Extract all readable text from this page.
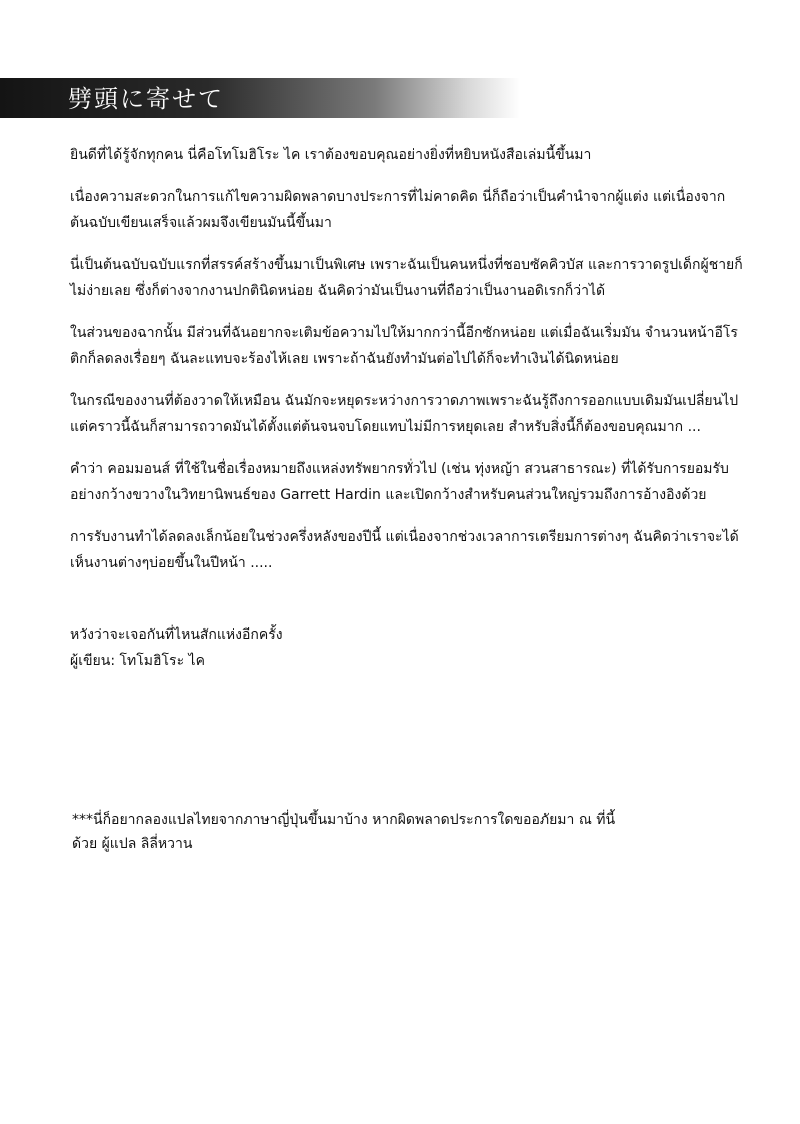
劈頭に寄せて

ยินดีที่ได้รู้จักทุกคน นี่คือโทโมฮิโระ ไค เราต้องขอบคุณอย่างยิ่งที่หยิบหนังสือเล่มนี้ขึ้นมา

เนื่องความสะดวกในการแก้ไขความผิดพลาดบางประการที่ไม่คาดคิด นี่ก็ถือว่าเป็นคำนำจากผู้แต่ง แต่เนื่องจากต้นฉบับเขียนเสร็จแล้วผมจึงเขียนมันนี้ขึ้นมา

นี่เป็นต้นฉบับฉบับแรกที่สรรค์สร้างขึ้นมาเป็นพิเศษ เพราะฉันเป็นคนหนึ่งที่ชอบซัคคิวบัส และการวาดรูปเด็กผู้ชายก็ไม่ง่ายเลย ซึ่งก็ต่างจากงานปกตินิดหน่อย ฉันคิดว่ามันเป็นงานที่ถือว่าเป็นงานอดิเรกก็ว่าได้

ในส่วนของฉากนั้น มีส่วนที่ฉันอยากจะเติมข้อความไปให้มากกว่านี้อีกซักหน่อย แต่เมื่อฉันเริ่มมัน จำนวนหน้าอีโรติกก็ลดลงเรื่อยๆ ฉันละแทบจะร้องไห้เลย เพราะถ้าฉันยังทำมันต่อไปได้ก็จะทำเงินได้นิดหน่อย

ในกรณีของงานที่ต้องวาดให้เหมือน ฉันมักจะหยุดระหว่างการวาดภาพเพราะฉันรู้ถึงการออกแบบเดิมมันเปลี่ยนไป แต่คราวนี้ฉันก็สามารถวาดมันได้ตั้งแต่ต้นจนจบโดยแทบไม่มีการหยุดเลย สำหรับสิ่งนี้ก็ต้องขอบคุณมาก ...

คำว่า คอมมอนส์ ที่ใช้ในชื่อเรื่องหมายถึงแหล่งทรัพยากรทั่วไป (เช่น ทุ่งหญ้า สวนสาธารณะ) ที่ได้รับการยอมรับอย่างกว้างขวางในวิทยานิพนธ์ของ Garrett Hardin และเปิดกว้างสำหรับคนส่วนใหญ่รวมถึงการอ้างอิงด้วย

การรับงานทำได้ลดลงเล็กน้อยในช่วงครึ่งหลังของปีนี้ แต่เนื่องจากช่วงเวลาการเตรียมการต่างๆ ฉันคิดว่าเราจะได้เห็นงานต่างๆบ่อยขึ้นในปีหน้า .....

หวังว่าจะเจอกันที่ไหนสักแห่งอีกครั้ง
ผู้เขียน: โทโมฮิโระ ไค
***นี่ก็อยากลองแปลไทยจากภาษาญี่ปุ่นขึ้นมาบ้าง หากผิดพลาดประการใดขออภัยมา ณ ที่นี้
ด้วย ผู้แปล ลิลี่หวาน
